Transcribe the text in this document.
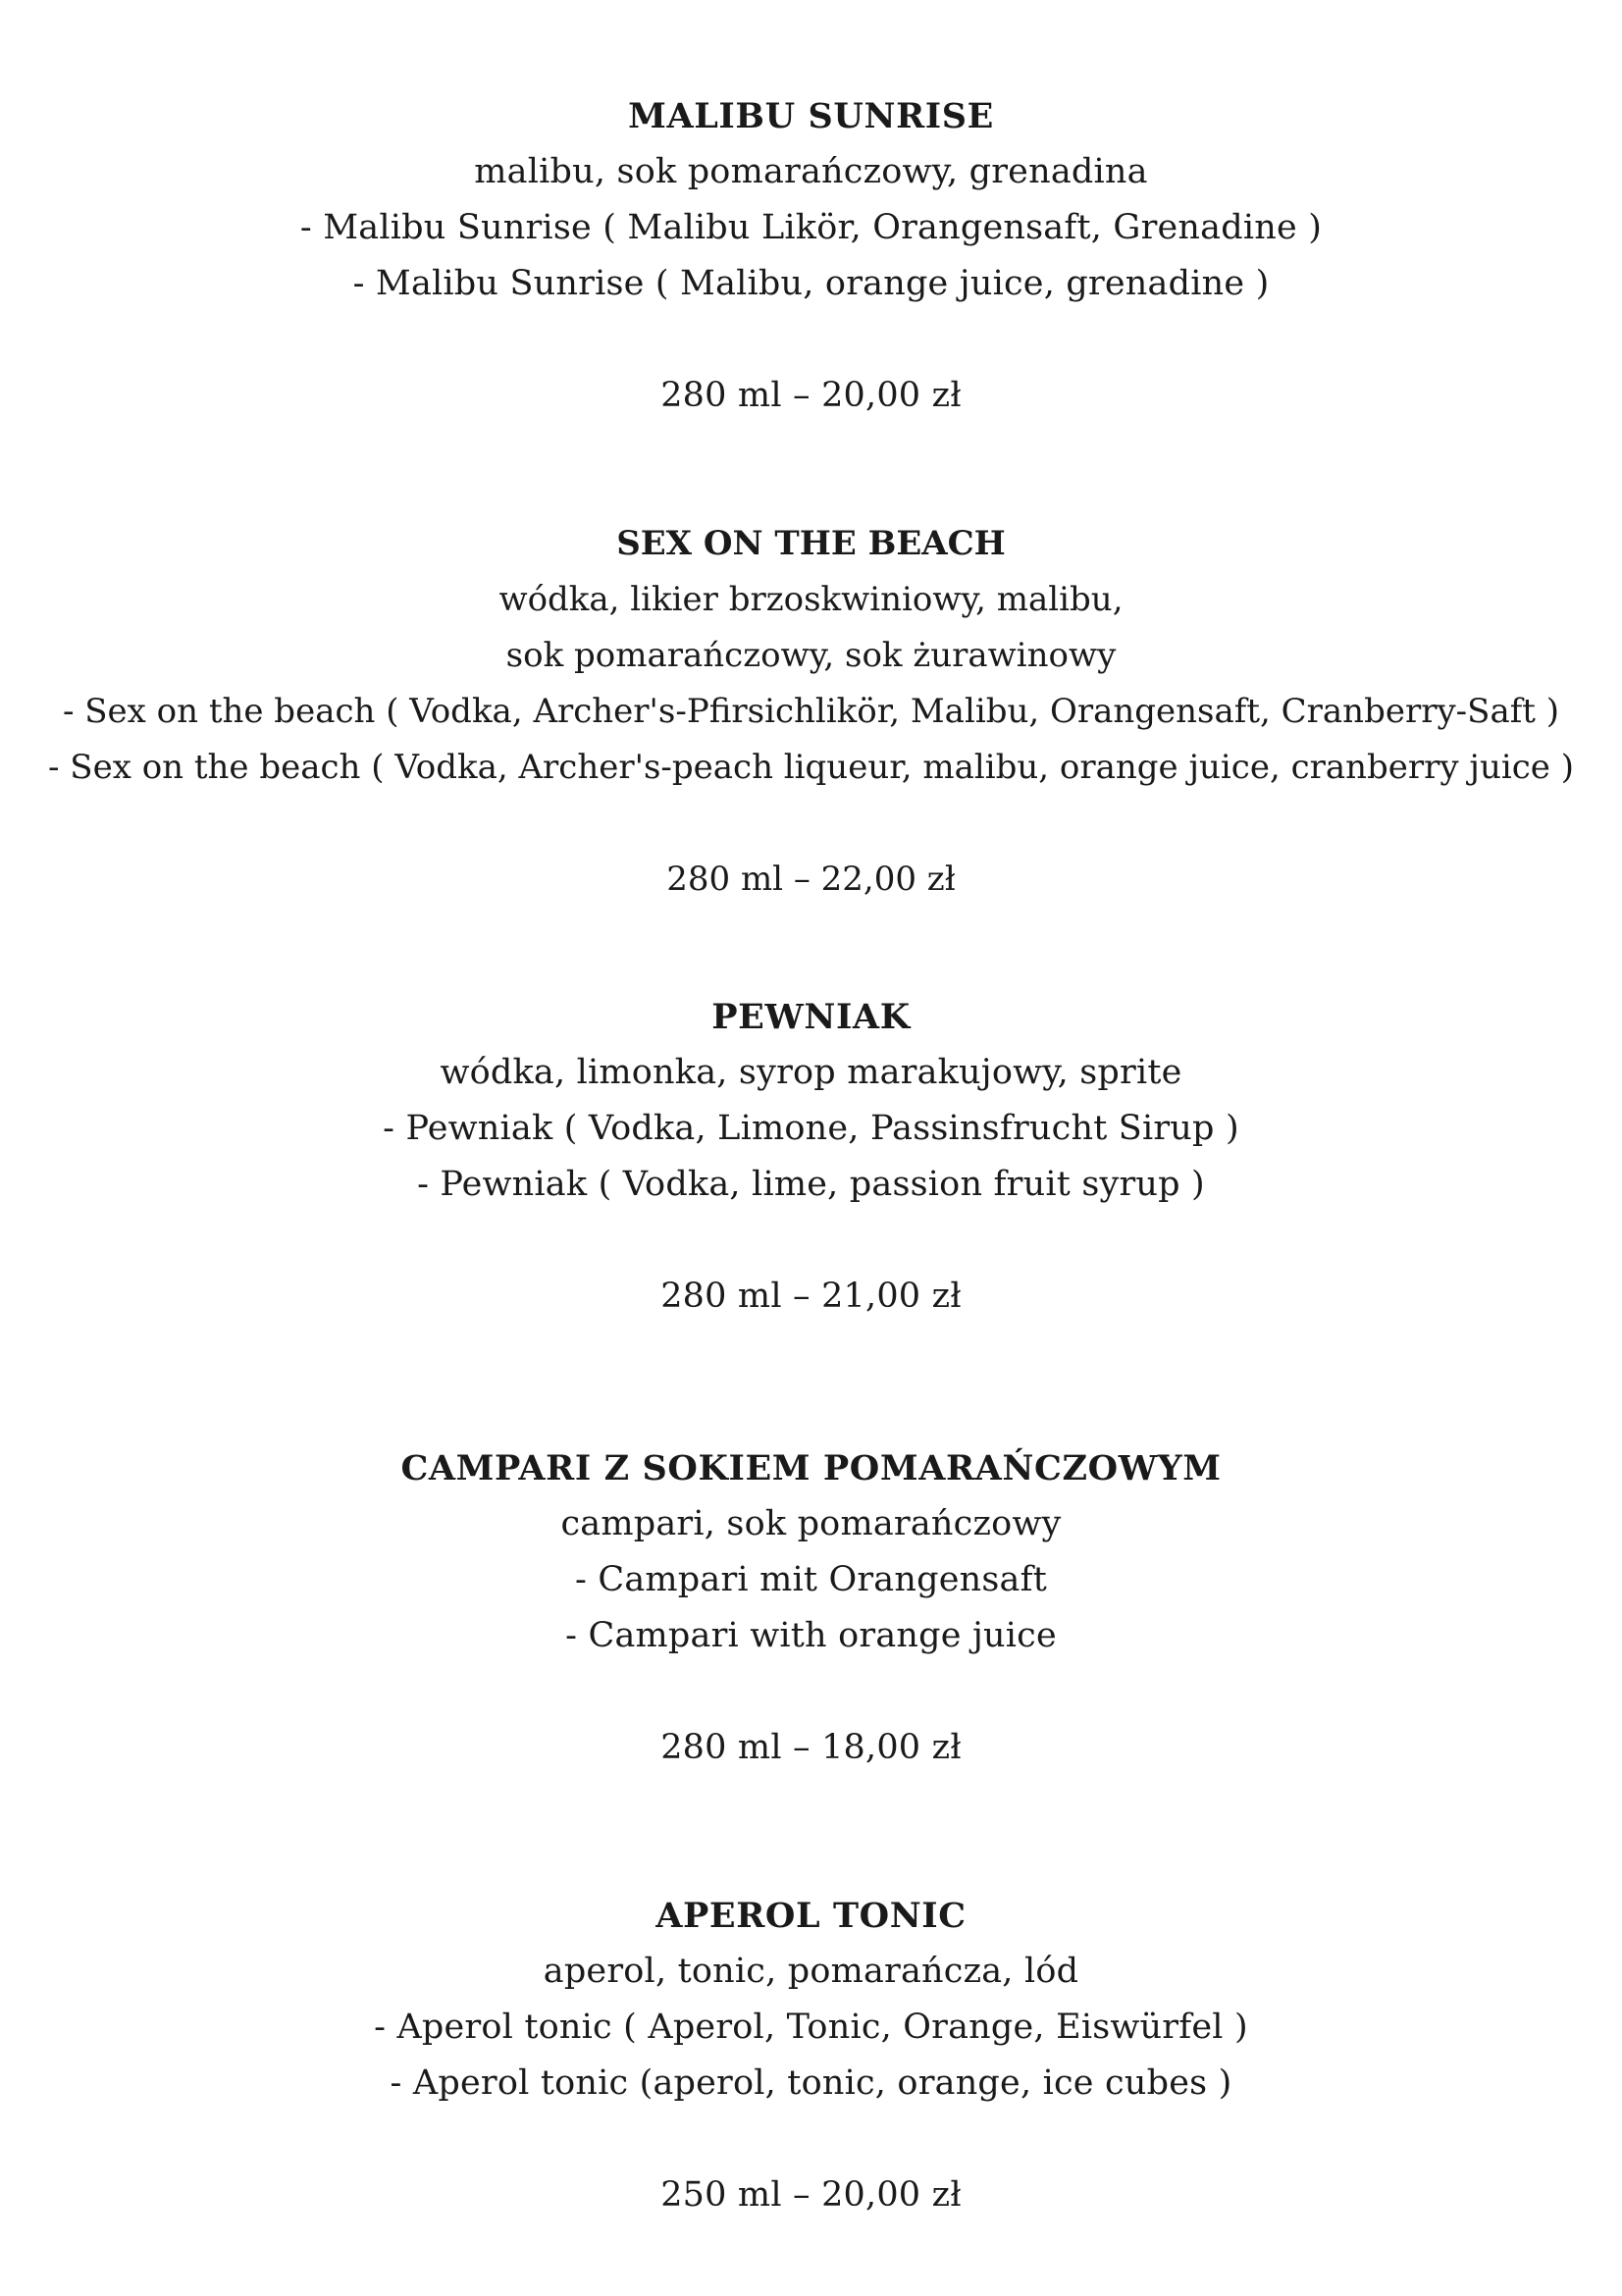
MALIBU SUNRISE
malibu, sok pomarańczowy, grenadina
- Malibu Sunrise ( Malibu Likör, Orangensaft, Grenadine )
- Malibu Sunrise ( Malibu, orange juice, grenadine )
280 ml – 20,00 zł
SEX ON THE BEACH
wódka, likier brzoskwiniowy, malibu,
sok pomarańczowy, sok żurawinowy
- Sex on the beach ( Vodka, Archer's-Pfirsichlikör, Malibu, Orangensaft, Cranberry-Saft )
- Sex on the beach ( Vodka, Archer's-peach liqueur, malibu, orange juice, cranberry juice )
280 ml – 22,00 zł
PEWNIAK
wódka, limonka, syrop marakujowy, sprite
- Pewniak ( Vodka, Limone, Passinsfrucht Sirup )
- Pewniak ( Vodka, lime, passion fruit syrup )
280 ml – 21,00 zł
CAMPARI Z SOKIEM POMARAŃCZOWYM
campari, sok pomarańczowy
- Campari mit Orangensaft
- Campari with orange juice
280 ml – 18,00 zł
APEROL TONIC
aperol, tonic, pomarańcza, lód
- Aperol tonic ( Aperol, Tonic, Orange, Eiswürfel )
- Aperol tonic (aperol, tonic, orange, ice cubes )
250 ml – 20,00 zł
